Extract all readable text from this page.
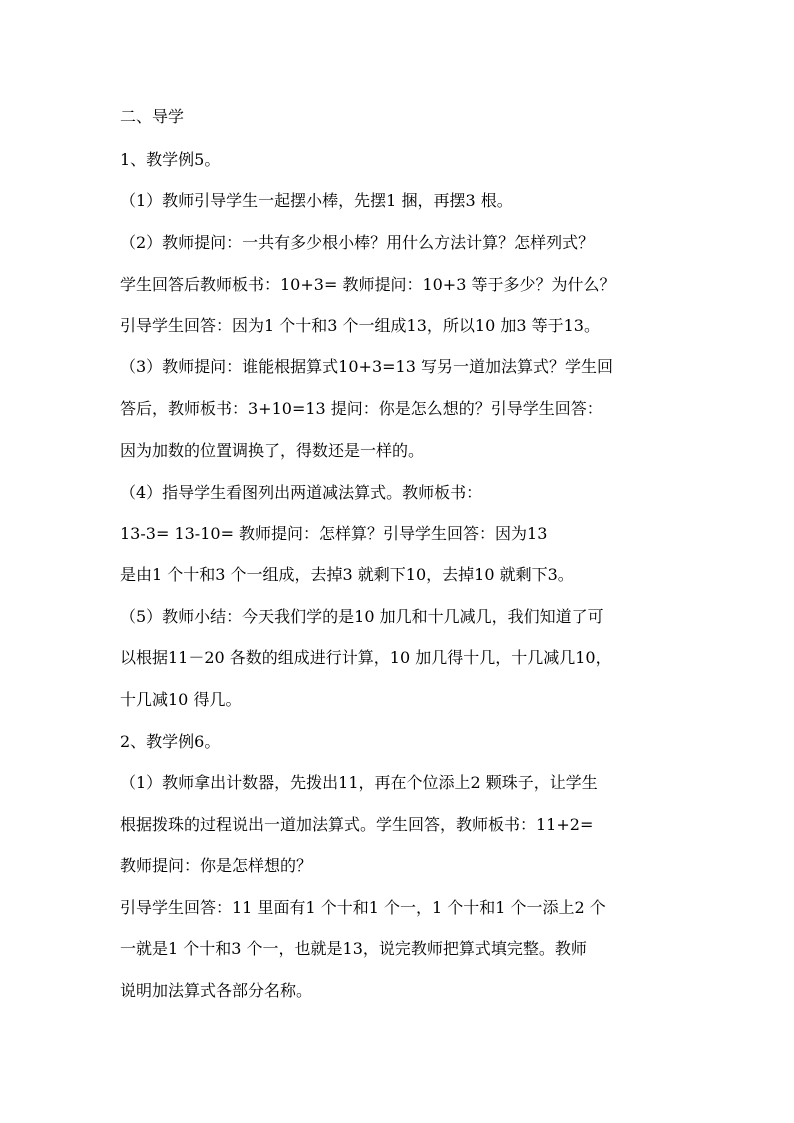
二、导学
1、教学例5。
（1）教师引导学生一起摆小棒，先摆1 捆，再摆3 根。
（2）教师提问：一共有多少根小棒？用什么方法计算？怎样列式？
学生回答后教师板书：10+3= 教师提问：10+3 等于多少？为什么？
引导学生回答：因为1 个十和3 个一组成13，所以10 加3 等于13。
（3）教师提问：谁能根据算式10+3=13 写另一道加法算式？学生回
答后，教师板书：3+10=13 提问：你是怎么想的？引导学生回答：
因为加数的位置调换了，得数还是一样的。
（4）指导学生看图列出两道减法算式。教师板书：
13-3= 13-10= 教师提问：怎样算？引导学生回答：因为13
是由1 个十和3 个一组成，去掉3 就剩下10，去掉10 就剩下3。
（5）教师小结：今天我们学的是10 加几和十几减几，我们知道了可
以根据11－20 各数的组成进行计算，10 加几得十几，十几减几10，
十几减10 得几。
2、教学例6。
（1）教师拿出计数器，先拨出11，再在个位添上2 颗珠子，让学生
根据拨珠的过程说出一道加法算式。学生回答，教师板书：11+2=
教师提问：你是怎样想的？
引导学生回答：11 里面有1 个十和1 个一，1 个十和1 个一添上2 个
一就是1 个十和3 个一，也就是13，说完教师把算式填完整。教师
说明加法算式各部分名称。
